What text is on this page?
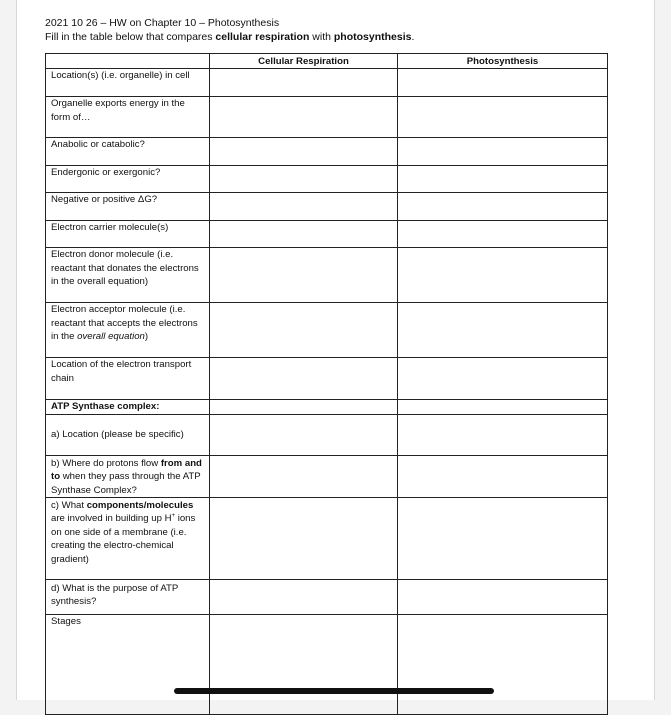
2021 10 26 – HW on Chapter 10 – Photosynthesis
Fill in the table below that compares cellular respiration with photosynthesis.
	Cellular Respiration	Photosynthesis
Location(s) (i.e. organelle) in cell		
Organelle exports energy in the form of…		
Anabolic or catabolic?		
Endergonic or exergonic?		
Negative or positive ΔG?		
Electron carrier molecule(s)		
Electron donor molecule (i.e. reactant that donates the electrons in the overall equation)		
Electron acceptor molecule (i.e. reactant that accepts the electrons in the overall equation)		
Location of the electron transport chain		
ATP Synthase complex:		
a) Location (please be specific)		
b) Where do protons flow from and to when they pass through the ATP Synthase Complex?		
c) What components/molecules are involved in building up H+ ions on one side of a membrane (i.e. creating the electro-chemical gradient)		
d) What is the purpose of ATP synthesis?		
Stages		
